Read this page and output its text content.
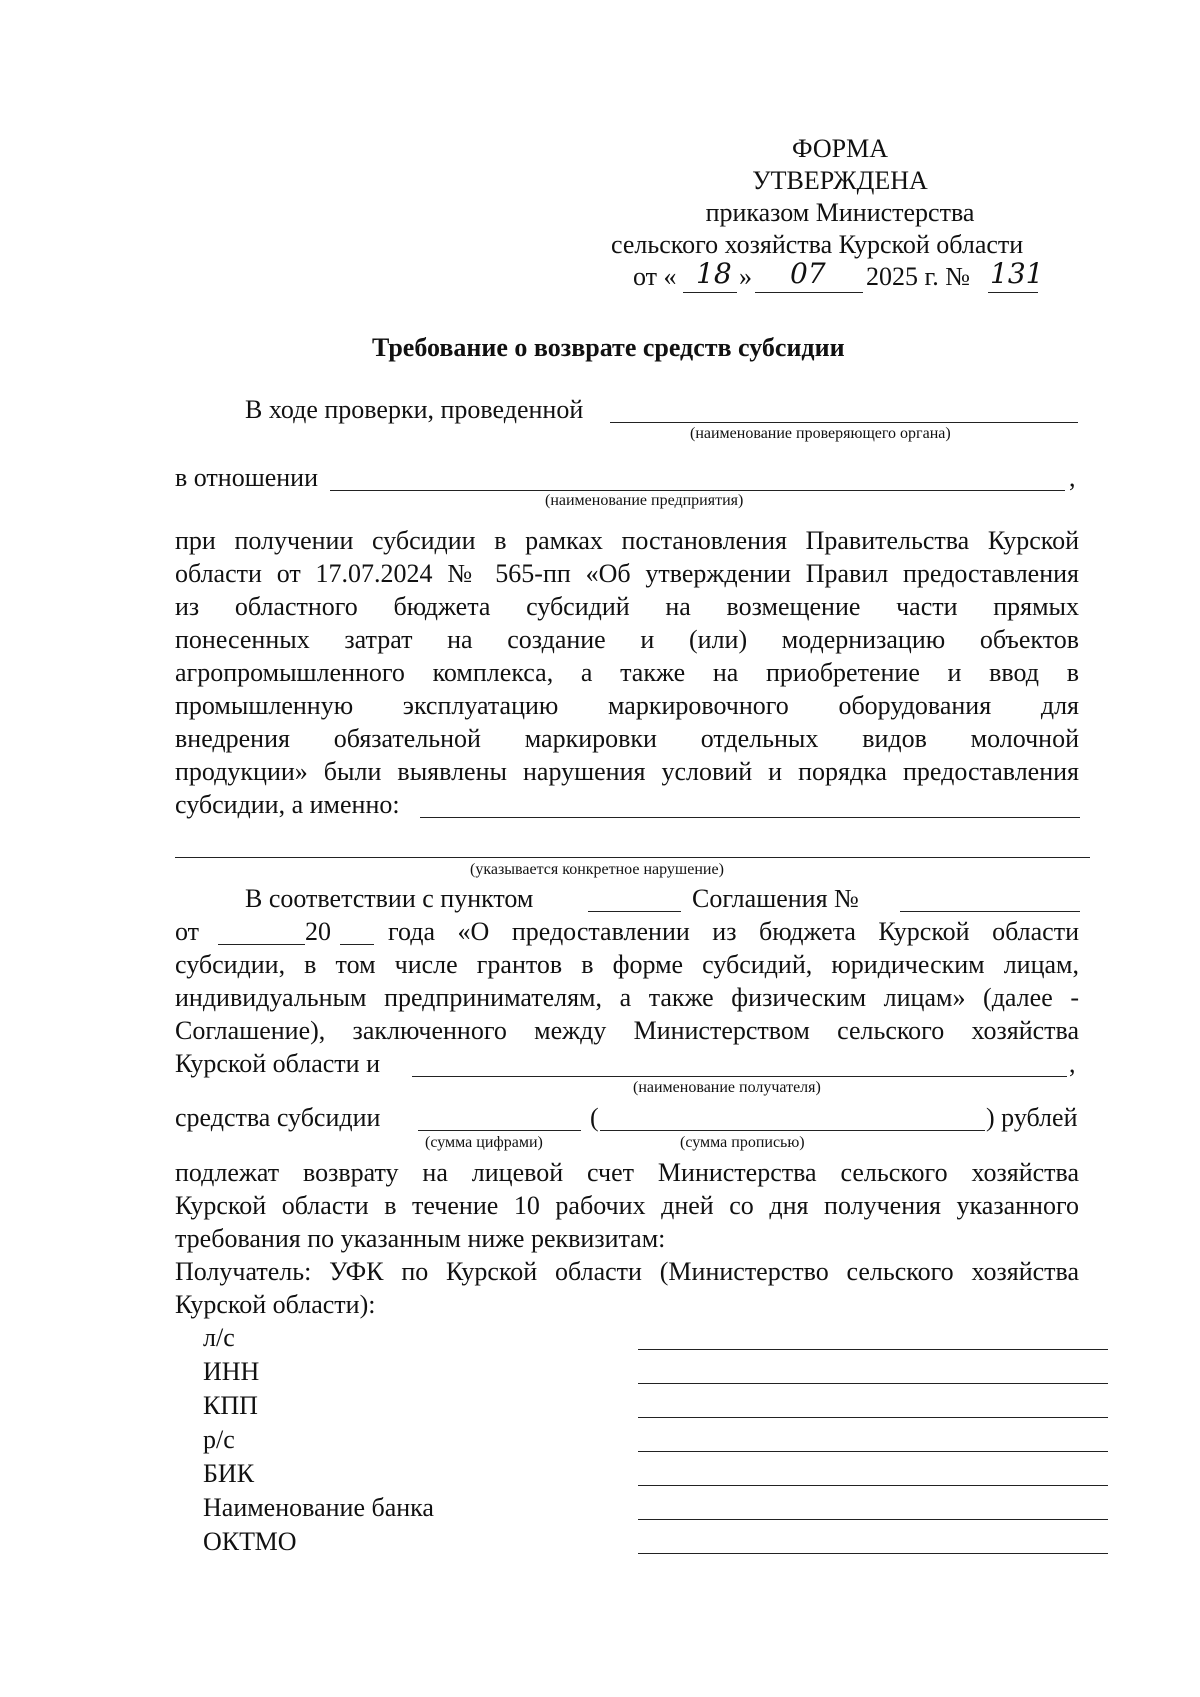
ФОРМА
УТВЕРЖДЕНА
приказом Министерства
сельского хозяйства Курской области
от « 18 » 07 2025 г. № 131
Требование о возврате средств субсидии
В ходе проверки, проведенной
(наименование проверяющего органа)
в отношении	,
(наименование предприятия)
при получении субсидии в рамках постановления Правительства Курской
области от 17.07.2024 № 565-пп «Об утверждении Правил предоставления
из областного бюджета субсидий на возмещение части прямых
понесенных затрат на создание и (или) модернизацию объектов
агропромышленного комплекса, а также на приобретение и ввод в
промышленную эксплуатацию маркировочного оборудования для
внедрения обязательной маркировки отдельных видов молочной
продукции» были выявлены нарушения условий и порядка предоставления
субсидии, а именно:
(указывается конкретное нарушение)
В соответствии с пунктом	Соглашения №
от	20 года «О предоставлении из бюджета Курской области
субсидии, в том числе грантов в форме субсидий, юридическим лицам,
индивидуальным предпринимателям, а также физическим лицам» (далее -
Соглашение), заключенного между Министерством сельского хозяйства
Курской области и	,
(наименование получателя)
средства субсидии	(	) рублей
(сумма цифрами)	(сумма прописью)
подлежат возврату на лицевой счет Министерства сельского хозяйства
Курской области в течение 10 рабочих дней со дня получения указанного
требования по указанным ниже реквизитам:
Получатель: УФК по Курской области (Министерство сельского хозяйства
Курской области):
л/с
ИНН
КПП
р/с
БИК
Наименование банка
ОКТМО
